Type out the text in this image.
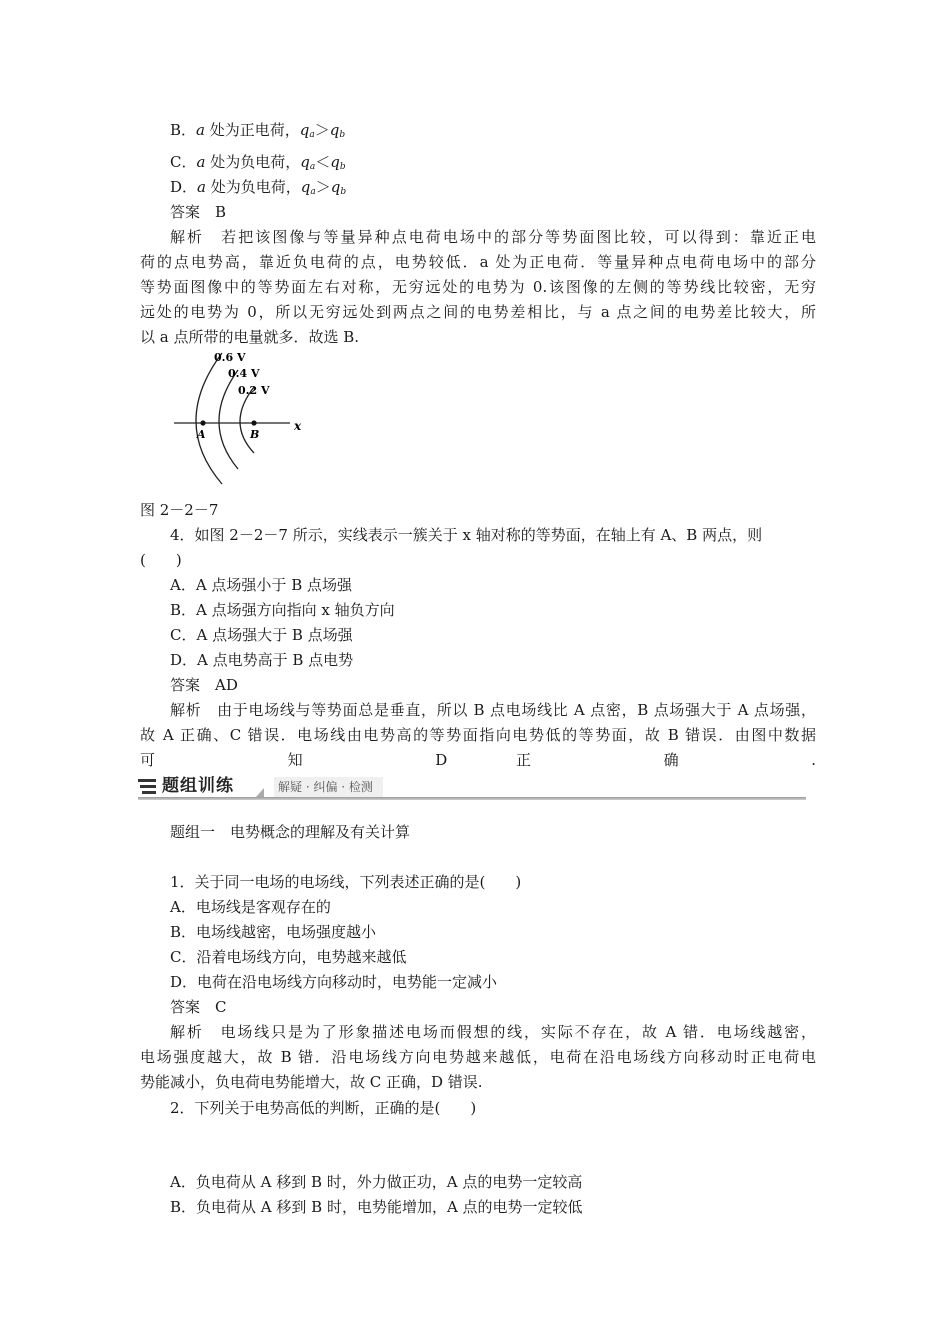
B．a 处为正电荷，$q_a>q_b$
C．a 处为负电荷，$q_a<q_b$
D．a 处为负电荷，$q_a>q_b$
答案　B
解析　若把该图像与等量异种点电荷电场中的部分等势面图比较，可以得到：靠近正电
荷的点电势高，靠近负电荷的点，电势较低．a 处为正电荷．等量异种点电荷电场中的部分
等势面图像中的等势面左右对称，无穷远处的电势为 0.该图像的左侧的等势线比较密，无穷
远处的电势为 0，所以无穷远处到两点之间的电势差相比，与 a 点之间的电势差比较大，所
以 a 点所带的电量就多．故选 B.
0.6 V
0.4 V
0.2 V
A	B
x
图 2－2－7
4．如图 2－2－7 所示，实线表示一簇关于 x 轴对称的等势面，在轴上有 A、B 两点，则
(　　)
A．A 点场强小于 B 点场强
B．A 点场强方向指向 x 轴负方向
C．A 点场强大于 B 点场强
D．A 点电势高于 B 点电势
答案　AD
解析　由于电场线与等势面总是垂直，所以 B 点电场线比 A 点密，B 点场强大于 A 点场强，
故 A 正确、C 错误．电场线由电势高的等势面指向电势低的等势面，故 B 错误．由图中数据
可 知 D 正 确 .
题组训练	解疑 · 纠偏 · 检测
题组一　电势概念的理解及有关计算
1．关于同一电场的电场线，下列表述正确的是(　　)
A．电场线是客观存在的
B．电场线越密，电场强度越小
C．沿着电场线方向，电势越来越低
D．电荷在沿电场线方向移动时，电势能一定减小
答案　C
解析　电场线只是为了形象描述电场而假想的线，实际不存在，故 A 错．电场线越密，
电场强度越大，故 B 错．沿电场线方向电势越来越低，电荷在沿电场线方向移动时正电荷电
势能减小，负电荷电势能增大，故 C 正确，D 错误.
2．下列关于电势高低的判断，正确的是(　　)
A．负电荷从 A 移到 B 时，外力做正功，A 点的电势一定较高
B．负电荷从 A 移到 B 时，电势能增加，A 点的电势一定较低
